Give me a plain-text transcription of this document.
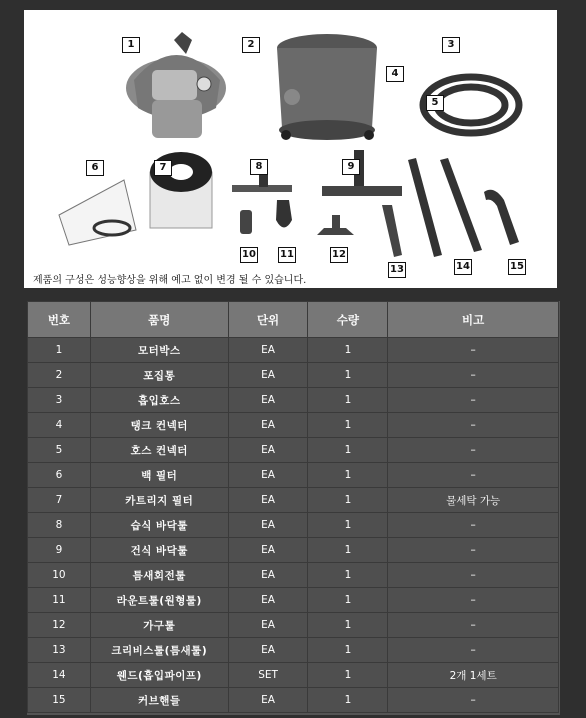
1	2	3
4
5
6	7	8	9
10 11	12
13	14	15
제품의 구성은 성능향상을 위해 예고 없이 변경 될 수 있습니다.
번호	품명	단위	수량	비고
1	모터박스	EA	1	–
2	포집통	EA	1	–
3	흡입호스	EA	1	–
4	탱크 컨넥터	EA	1	–
5	호스 컨넥터	EA	1	–
6	백 필터	EA	1	–
7	카트리지 필터	EA	1	물세탁 가능
8	습식 바닥툴	EA	1	–
9	건식 바닥툴	EA	1	–
10	틈새회전툴	EA	1	–
11	라운트툴(원형툴)	EA	1	–
12	가구툴	EA	1	–
13	크리비스툴(틈새툴)	EA	1	–
14	웬드(흡입파이프)	SET	1	2개 1세트
15	커브핸들	EA	1	–
